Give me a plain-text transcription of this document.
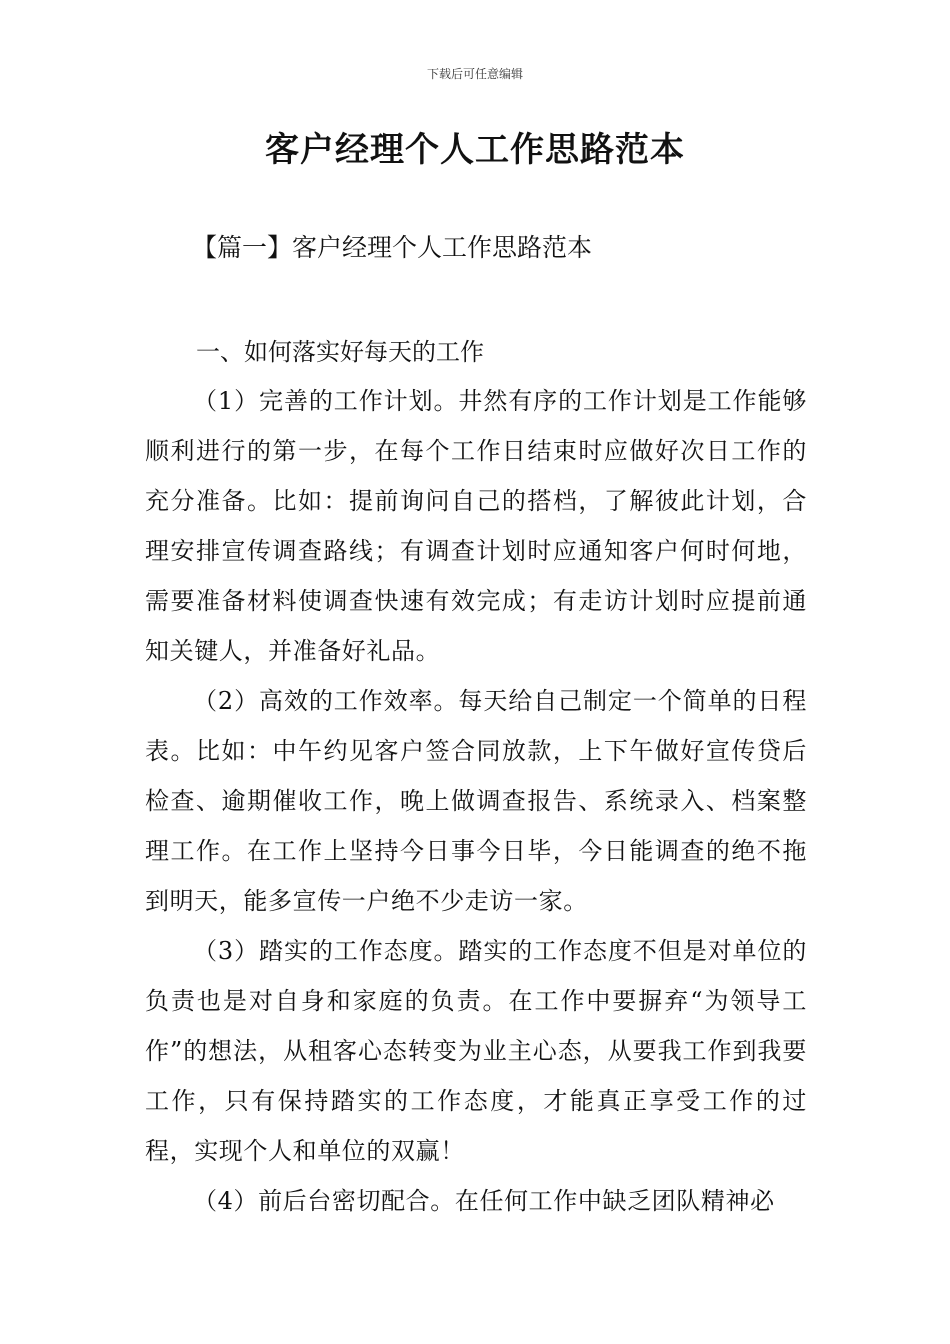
下载后可任意编辑
客户经理个人工作思路范本
【篇一】客户经理个人工作思路范本
一、如何落实好每天的工作

（1）完善的工作计划。井然有序的工作计划是工作能够顺利进行的第一步，在每个工作日结束时应做好次日工作的充分准备。比如：提前询问自己的搭档，了解彼此计划，合理安排宣传调查路线；有调查计划时应通知客户何时何地，需要准备材料使调查快速有效完成；有走访计划时应提前通知关键人，并准备好礼品。

（2）高效的工作效率。每天给自己制定一个简单的日程表。比如：中午约见客户签合同放款，上下午做好宣传贷后检查、逾期催收工作，晚上做调查报告、系统录入、档案整理工作。在工作上坚持今日事今日毕，今日能调查的绝不拖到明天，能多宣传一户绝不少走访一家。

（3）踏实的工作态度。踏实的工作态度不但是对单位的负责也是对自身和家庭的负责。在工作中要摒弃“为领导工作”的想法，从租客心态转变为业主心态，从要我工作到我要工作，只有保持踏实的工作态度，才能真正享受工作的过程，实现个人和单位的双赢！

（4）前后台密切配合。在任何工作中缺乏团队精神必
